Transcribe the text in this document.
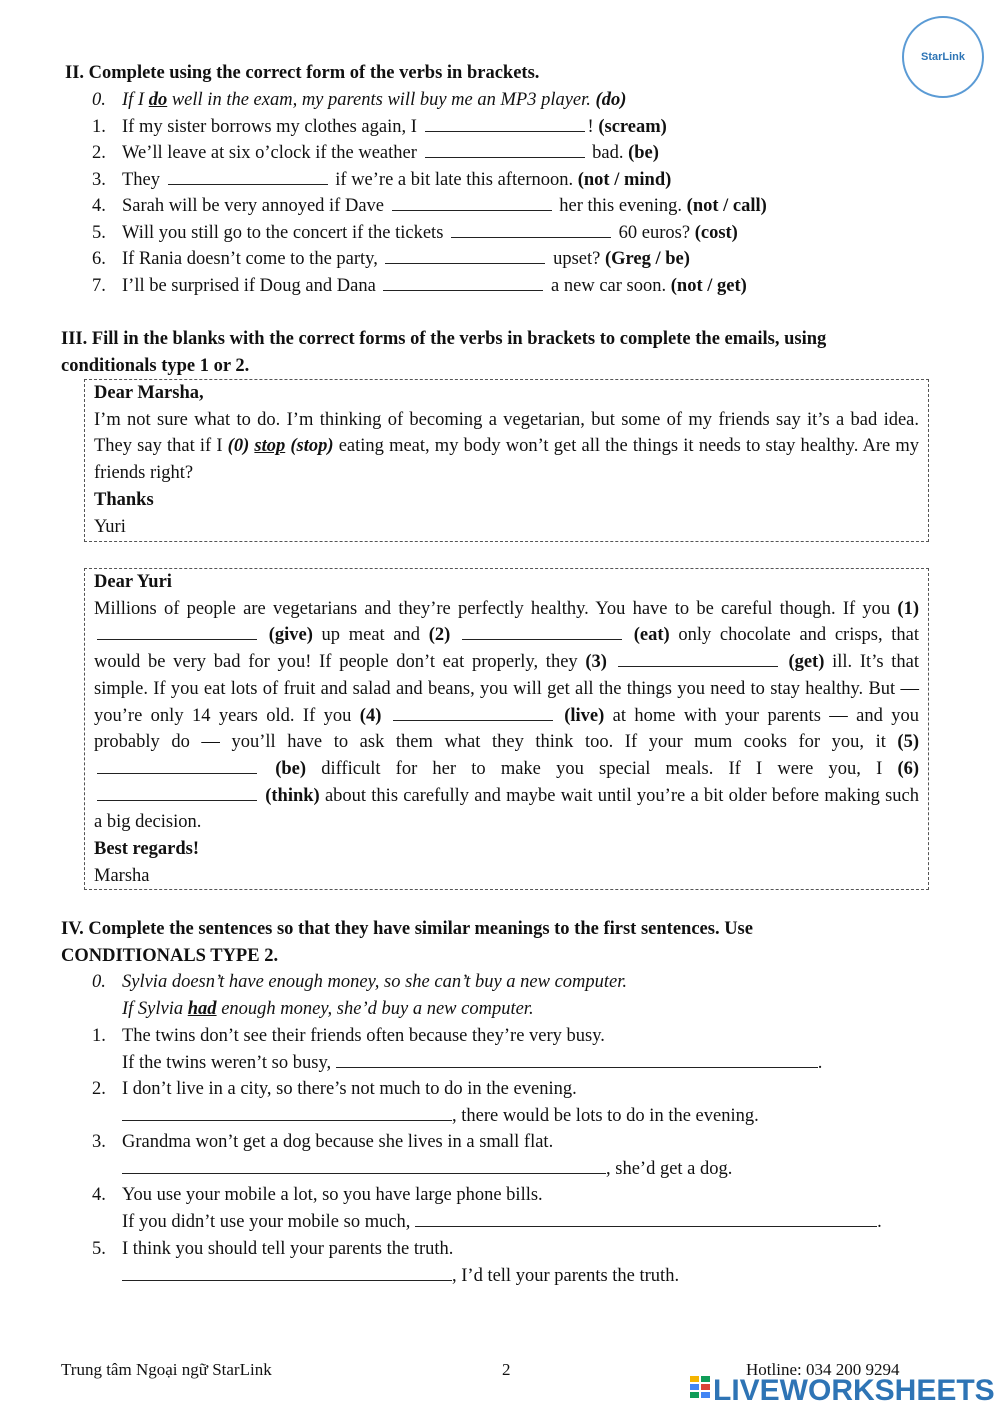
StarLink
II. Complete using the correct form of the verbs in brackets.
0. If I do well in the exam, my parents will buy me an MP3 player. (do)
1. If my sister borrows my clothes again, I	! (scream)
2. We’ll leave at six o’clock if the weather	bad. (be)
3. They	if we’re a bit late this afternoon. (not / mind)
4. Sarah will be very annoyed if Dave	her this evening. (not / call)
5. Will you still go to the concert if the tickets	60 euros? (cost)
6. If Rania doesn’t come to the party,	upset? (Greg / be)
7. I’ll be surprised if Doug and Dana	a new car soon. (not / get)
III. Fill in the blanks with the correct forms of the verbs in brackets to complete the emails, using
conditionals type 1 or 2.
Dear Marsha,
I’m not sure what to do. I’m thinking of becoming a vegetarian, but some of my friends say it’s a bad idea. They say that if I (0) stop (stop) eating meat, my body won’t get all the things it needs to stay healthy. Are my friends right?
Thanks
Yuri
Dear Yuri
Millions of people are vegetarians and they’re perfectly healthy. You have to be careful though. If you (1)  (give) up meat and (2)	(eat) only chocolate and crisps, that would be very bad for you! If people don’t eat properly, they (3)	(get) ill. It’s that simple. If you eat lots of fruit and salad and beans, you will get all the things you need to stay healthy. But — you’re only 14 years old. If you (4)	(live) at home with your parents — and you probably do — you’ll have to ask them what they think too. If your mum cooks for you, it (5)  (be) difficult for her to make you special meals. If I were you, I (6)  (think) about this carefully and maybe wait until you’re a bit older before making such a big decision.
Best regards!
Marsha
IV. Complete the sentences so that they have similar meanings to the first sentences. Use
CONDITIONALS TYPE 2.
0. Sylvia doesn’t have enough money, so she can’t buy a new computer.
If Sylvia had enough money, she’d buy a new computer.
1. The twins don’t see their friends often because they’re very busy.
If the twins weren’t so busy,	.
2. I don’t live in a city, so there’s not much to do in the evening.
, there would be lots to do in the evening.
3. Grandma won’t get a dog because she lives in a small flat.
, she’d get a dog.
4. You use your mobile a lot, so you have large phone bills.
If you didn’t use your mobile so much,	.
5. I think you should tell your parents the truth.
, I’d tell your parents the truth.
Trung tâm Ngoại ngữ StarLink	2	Hotline: 034 200 9294
LIVEWORKSHEETS
